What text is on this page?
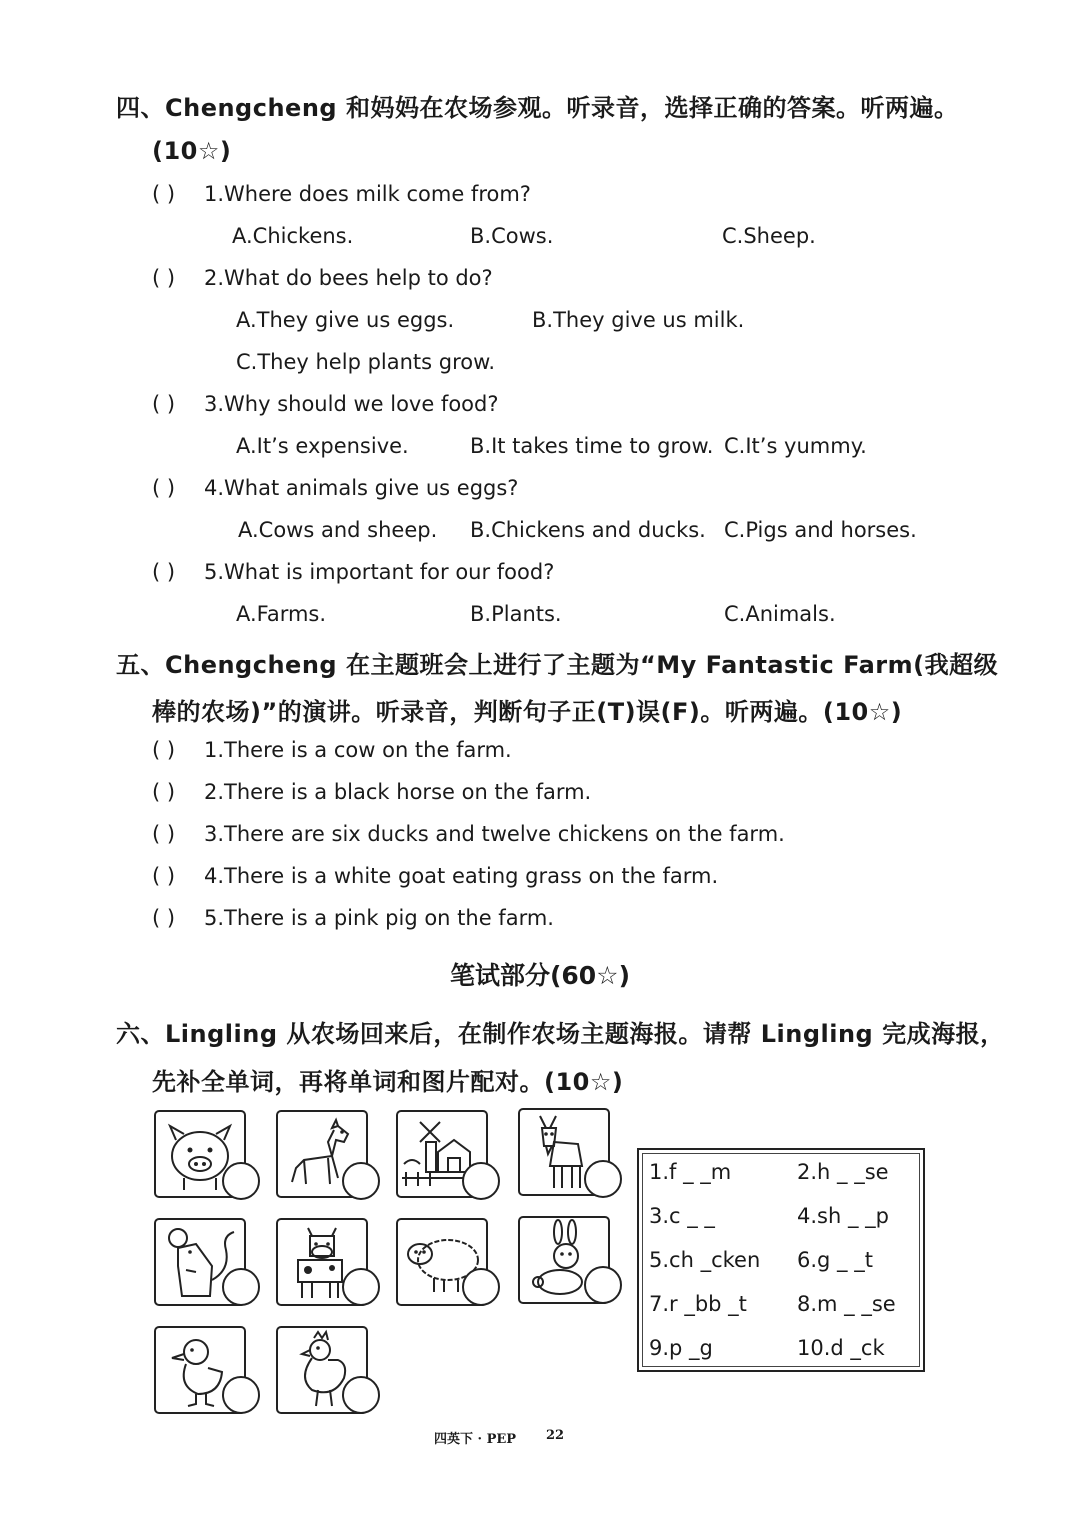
四、Chengcheng 和妈妈在农场参观。听录音，选择正确的答案。听两遍。
(10☆)
( ) 1.Where does milk come from?
A.Chickens.	B.Cows.	C.Sheep.
( ) 2.What do bees help to do?
A.They give us eggs.	B.They give us milk.
C.They help plants grow.
( ) 3.Why should we love food?
A.It’s expensive.	B.It takes time to grow. C.It’s yummy.
( ) 4.What animals give us eggs?
A.Cows and sheep. B.Chickens and ducks. C.Pigs and horses.
( ) 5.What is important for our food?
A.Farms.	B.Plants.	C.Animals.
五、Chengcheng 在主题班会上进行了主题为“My Fantastic Farm(我超级
棒的农场)”的演讲。听录音，判断句子正(T)误(F)。听两遍。(10☆)
( ) 1.There is a cow on the farm.
( ) 2.There is a black horse on the farm.
( ) 3.There are six ducks and twelve chickens on the farm.
( ) 4.There is a white goat eating grass on the farm.
( ) 5.There is a pink pig on the farm.
笔试部分(60☆)
六、Lingling 从农场回来后，在制作农场主题海报。请帮 Lingling 完成海报，
先补全单词，再将单词和图片配对。(10☆)
1.f _ _m	2.h _ _se
3.c _ _	4.sh _ _p
5.ch _cken 6.g _ _t
7.r _bb _t 8.m _ _se
9.p _g	10.d _ck
四英下 · PEP 22
